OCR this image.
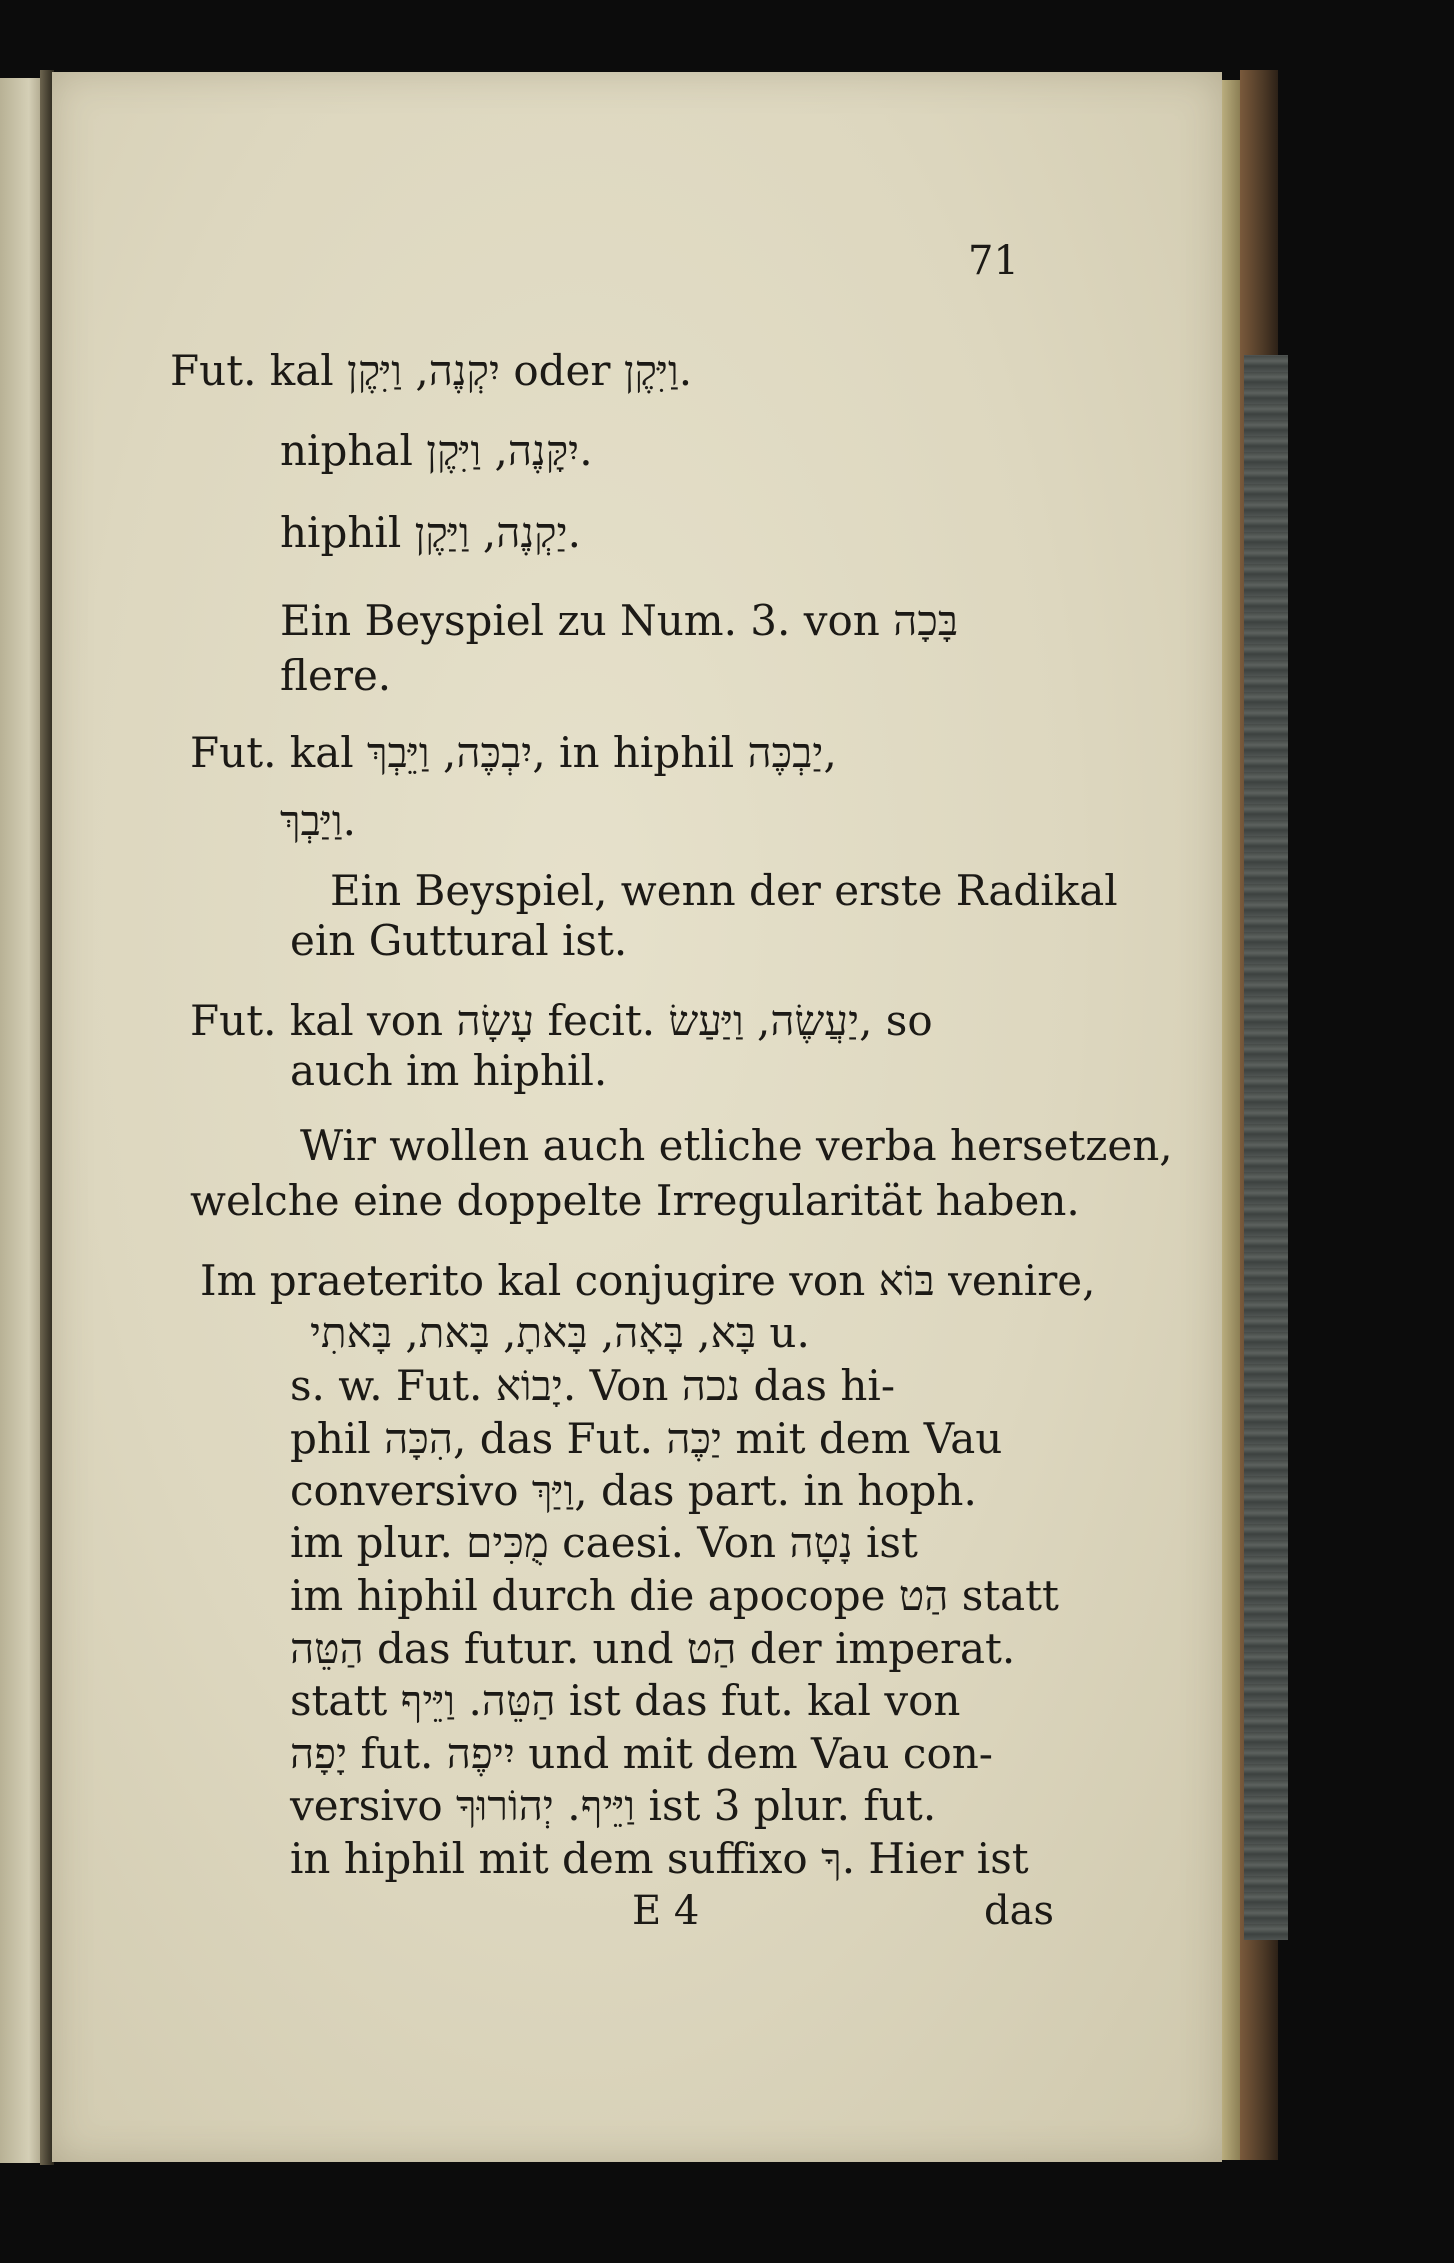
71
Fut. kal יִקְנֶה, וַיִּקֶן oder וַיִּקֶן.
niphal יִקָּנֶה, וַיִּקֶן.
hiphil יַקְנֶה, וַיַּקֶן.
Ein Beyspiel zu Num. 3. von בָּכָה
flere.
Fut. kal יִבְכֶּה, וַיֵּבְךְ, in hiphil יַבְכֶּה,
וַיַּבְךְ.
Ein Beyspiel, wenn der erste Radikal
ein Guttural ist.
Fut. kal von עָשָׂה fecit. יַעֲשֶׂה, וַיַּעַשׂ, so
auch im hiphil.
Wir wollen auch etliche verba hersetzen,
welche eine doppelte Irregularität haben.
Im praeterito kal conjugire von בּוֹא venire,
בָּא, בָּאָה, בָּאתָ, בָּאת, בָּאתִי u.
s. w. Fut. יָבוֹא. Von נכה das hi-
phil הִכָּה, das Fut. יַכֶּה mit dem Vau
conversivo וַיַּךְ, das part. in hoph.
im plur. מֻכִּים caesi. Von נָטָה ist
im hiphil durch die apocope הַט statt
הַטֵּה das futur. und הַט der imperat.
statt הַטֵּה. וַיֵּיף ist das fut. kal von
יָפָה fut. יִיפֶה und mit dem Vau con-
versivo וַיֵּיף. יְהוֹרוּךָ ist 3 plur. fut.
in hiphil mit dem suffixo ךָ. Hier ist
E 4	das
